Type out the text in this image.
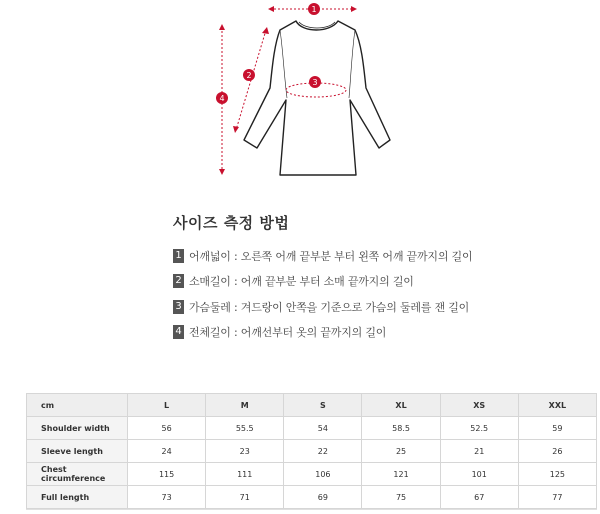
1
2
3
4
사이즈 측정 방법
1 어깨넓이 : 오른쪽 어깨 끝부분 부터 왼쪽 어깨 끝까지의 길이
2 소매길이 : 어깨 끝부분 부터 소매 끝까지의 길이
3 가슴둘레 : 겨드랑이 안쪽을 기준으로 가슴의 둘레를 잰 길이
4 전체길이 : 어깨선부터 옷의 끝까지의 길이
cm	L	M	S	XL	XS	XXL
Shoulder width	56	55.5	54	58.5	52.5	59
Sleeve length	24	23	22	25	21	26
Chest circumference	115	111	106	121	101	125
Full length	73	71	69	75	67	77
